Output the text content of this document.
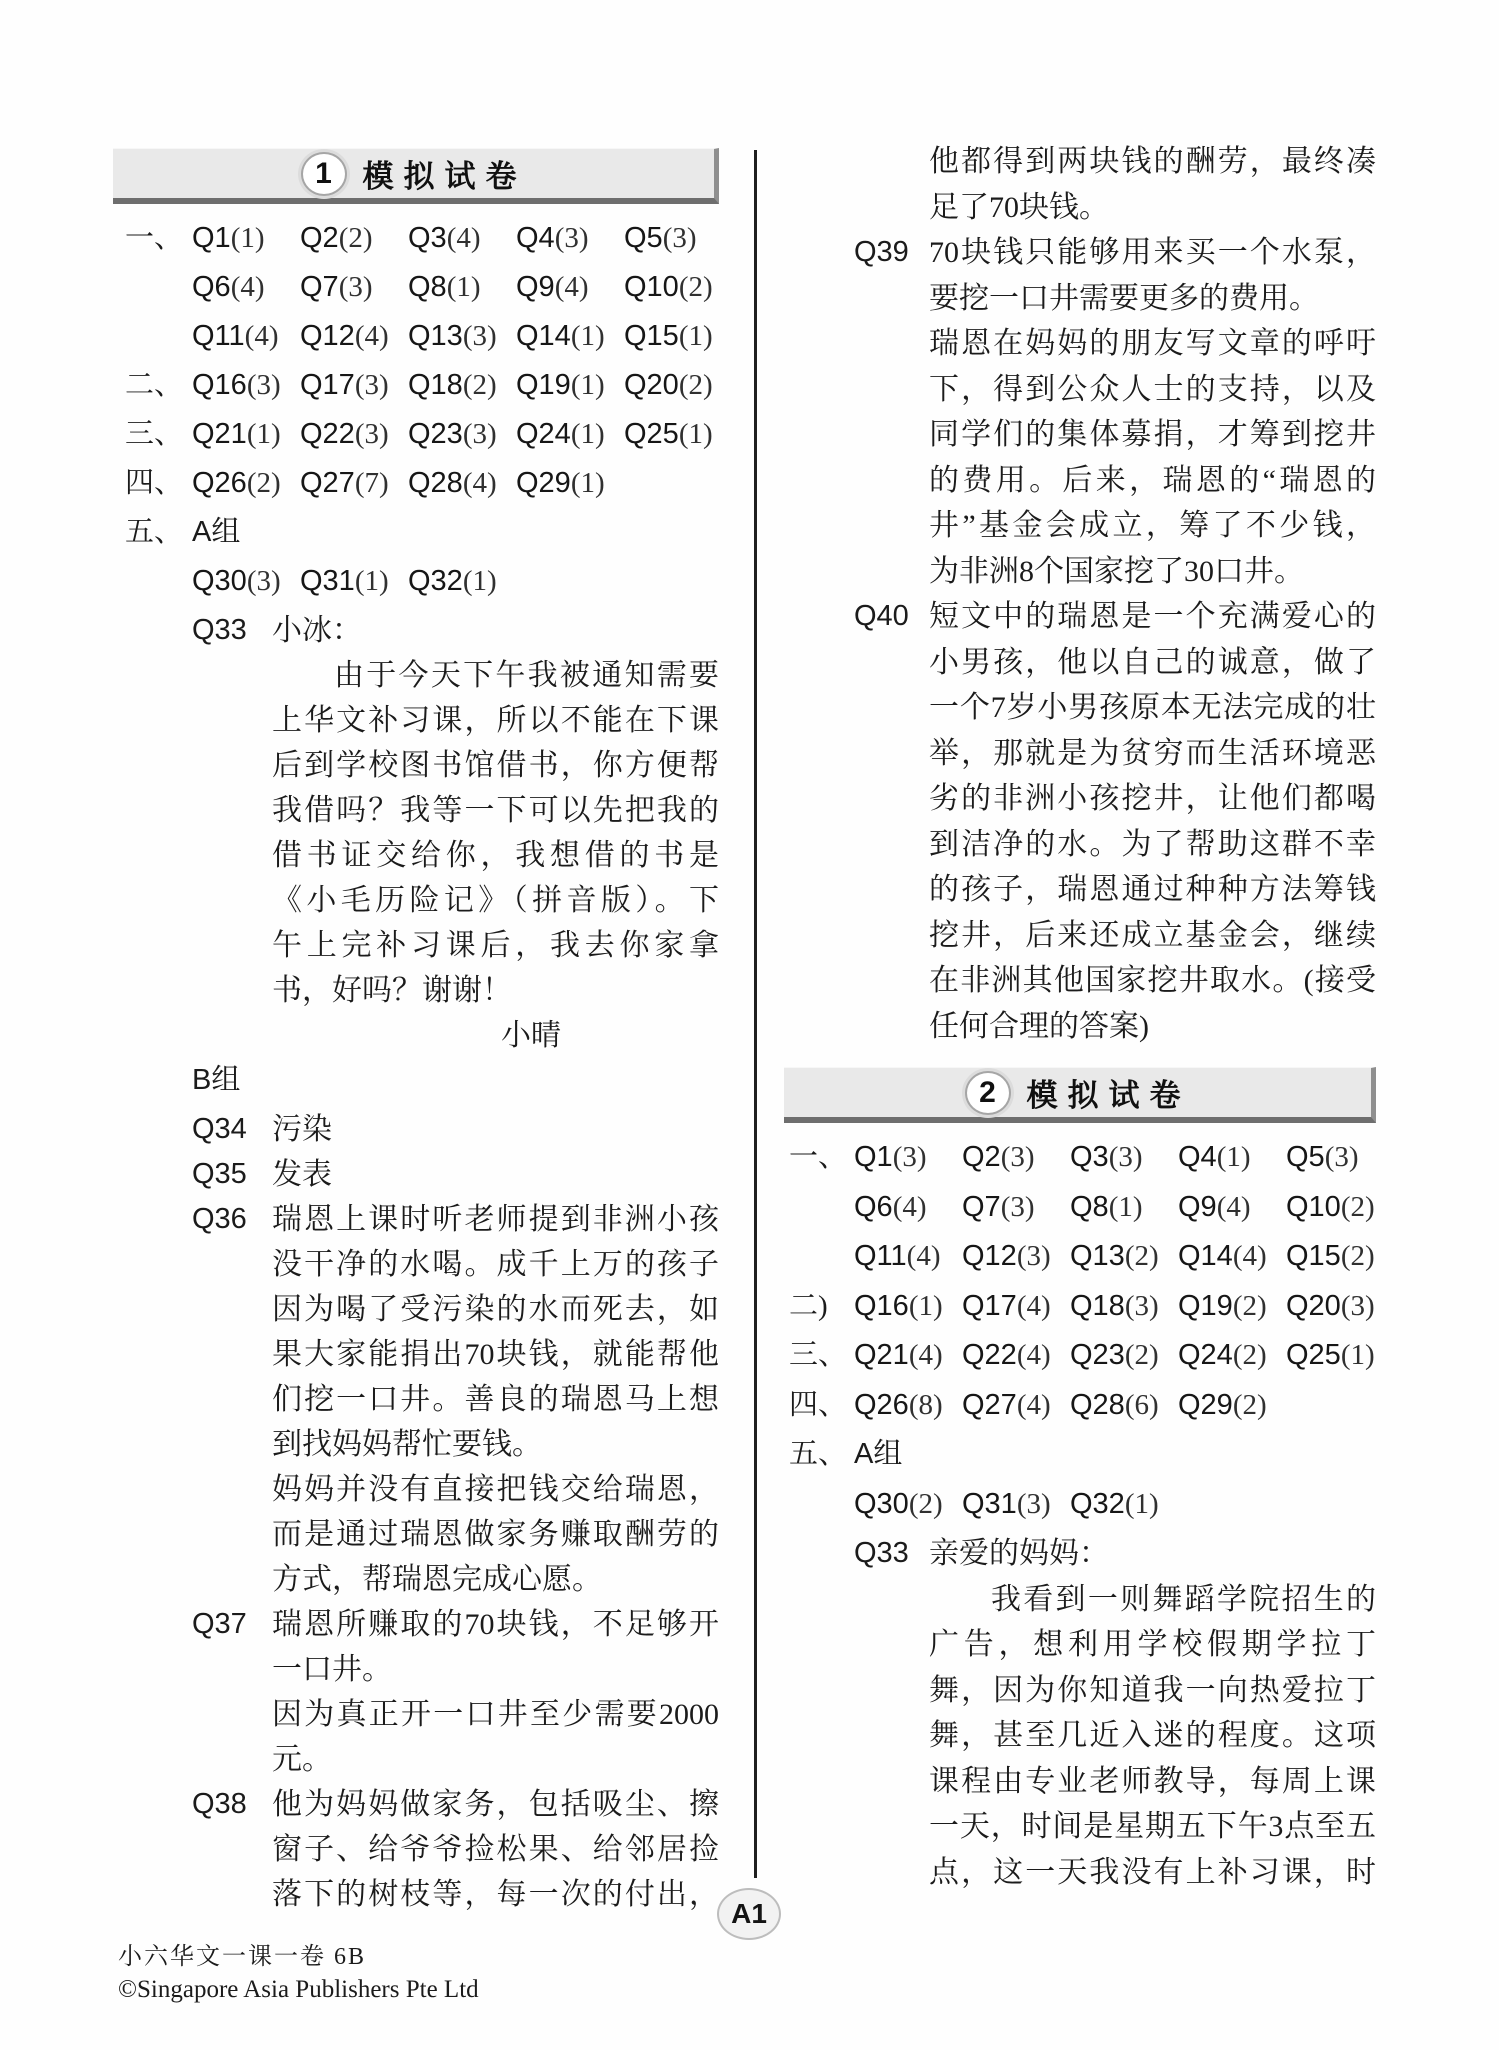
1 模拟试卷
一、 Q1(1) Q2(2) Q3(4) Q4(3) Q5(3)
Q6(4) Q7(3) Q8(1) Q9(4) Q10(2)
Q11(4) Q12(4) Q13(3) Q14(1) Q15(1)
二、 Q16(3) Q17(3) Q18(2) Q19(1) Q20(2)
三、 Q21(1) Q22(3) Q23(3) Q24(1) Q25(1)
四、 Q26(2) Q27(7) Q28(4) Q29(1)
五、 A组
Q30(3) Q31(1) Q32(1)
Q33 小冰：
由于今天下午我被通知需要
上华文补习课，所以不能在下课
后到学校图书馆借书，你方便帮
我借吗？我等一下可以先把我的
借书证交给你，我想借的书是
《小毛历险记》（拼音版）。下
午上完补习课后，我去你家拿
书，好吗？谢谢！
小晴
B组
Q34 污染
Q35 发表
Q36 瑞恩上课时听老师提到非洲小孩
没干净的水喝。成千上万的孩子
因为喝了受污染的水而死去，如
果大家能捐出70块钱，就能帮他
们挖一口井。善良的瑞恩马上想
到找妈妈帮忙要钱。
妈妈并没有直接把钱交给瑞恩，
而是通过瑞恩做家务赚取酬劳的
方式，帮瑞恩完成心愿。
Q37 瑞恩所赚取的70块钱，不足够开
一口井。
因为真正开一口井至少需要2000
元。
Q38 他为妈妈做家务，包括吸尘、擦
窗子、给爷爷捡松果、给邻居捡
落下的树枝等，每一次的付出，
他都得到两块钱的酬劳，最终凑
足了70块钱。
Q39 70块钱只能够用来买一个水泵，
要挖一口井需要更多的费用。
瑞恩在妈妈的朋友写文章的呼吁
下，得到公众人士的支持，以及
同学们的集体募捐，才筹到挖井
的费用。后来，瑞恩的“瑞恩的
井”基金会成立，筹了不少钱，
为非洲8个国家挖了30口井。
Q40 短文中的瑞恩是一个充满爱心的
小男孩，他以自己的诚意，做了
一个7岁小男孩原本无法完成的壮
举，那就是为贫穷而生活环境恶
劣的非洲小孩挖井，让他们都喝
到洁净的水。为了帮助这群不幸
的孩子，瑞恩通过种种方法筹钱
挖井，后来还成立基金会，继续
在非洲其他国家挖井取水。(接受
任何合理的答案)
2 模拟试卷
一、 Q1(3) Q2(3) Q3(3) Q4(1) Q5(3)
Q6(4) Q7(3) Q8(1) Q9(4) Q10(2)
Q11(4) Q12(3) Q13(2) Q14(4) Q15(2)
二) Q16(1) Q17(4) Q18(3) Q19(2) Q20(3)
三、 Q21(4) Q22(4) Q23(2) Q24(2) Q25(1)
四、 Q26(8) Q27(4) Q28(6) Q29(2)
五、 A组
Q30(2) Q31(3) Q32(1)
Q33 亲爱的妈妈：
我看到一则舞蹈学院招生的
广告，想利用学校假期学拉丁
舞，因为你知道我一向热爱拉丁
舞，甚至几近入迷的程度。这项
课程由专业老师教导，每周上课
一天，时间是星期五下午3点至五
点，这一天我没有上补习课，时
A1
小六华文一课一卷 6B
©Singapore Asia Publishers Pte Ltd
